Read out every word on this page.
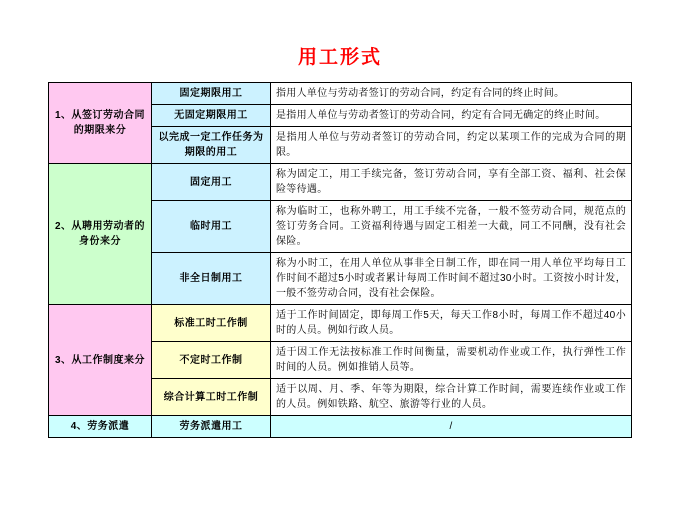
用工形式
1、从签订劳动合同的期限来分	固定期限用工	指用人单位与劳动者签订的劳动合同，约定有合同的终止时间。
	无固定期限用工	是指用人单位与劳动者签订的劳动合同，约定有合同无确定的终止时间。
	以完成一定工作任务为期限的用工	是指用人单位与劳动者签订的劳动合同，约定以某项工作的完成为合同的期限。
2、从聘用劳动者的身份来分	固定用工	称为固定工，用工手续完备，签订劳动合同，享有全部工资、福利、社会保险等待遇。
	临时用工	称为临时工，也称外聘工，用工手续不完备，一般不签劳动合同，规范点的签订劳务合同。工资福利待遇与固定工相差一大截，同工不同酬，没有社会保险。
	非全日制用工	称为小时工，在用人单位从事非全日制工作，即在同一用人单位平均每日工作时间不超过5小时或者累计每周工作时间不超过30小时。工资按小时计发，一般不签劳动合同，没有社会保险。
3、从工作制度来分	标准工时工作制	适于工作时间固定，即每周工作5天，每天工作8小时，每周工作不超过40小时的人员。例如行政人员。
	不定时工作制	适于因工作无法按标准工作时间衡量，需要机动作业或工作，执行弹性工作时间的人员。例如推销人员等。
	综合计算工时工作制	适于以周、月、季、年等为期限，综合计算工作时间，需要连续作业或工作的人员。例如铁路、航空、旅游等行业的人员。
4、劳务派遣	劳务派遣用工	/
